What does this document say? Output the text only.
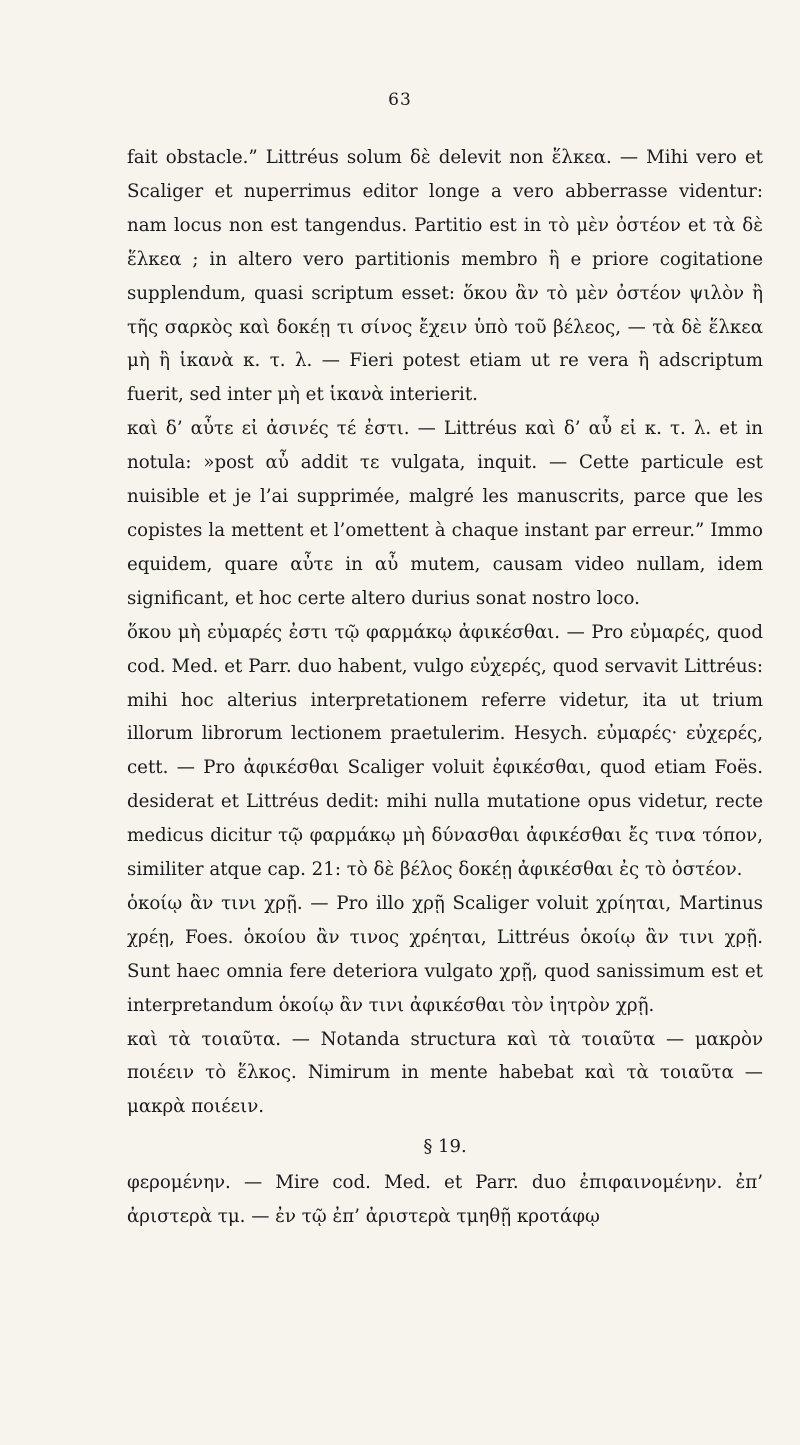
63

fait obstacle.” Littréus solum δὲ delevit non ἕλκεα. — Mihi vero et Scaliger et nuperrimus editor longe a vero abberrasse videntur: nam locus non est tangendus. Partitio est in τὸ μὲν ὀστέον et τὰ δὲ ἕλκεα ; in altero vero partitionis membro ἢ e priore cogitatione supplendum, quasi scriptum esset: ὅκου ἂν τὸ μὲν ὀστέον ψιλὸν ἢ τῆς σαρκὸς καὶ δοκέῃ τι σίνος ἔχειν ὑπὸ τοῦ βέλεος, — τὰ δὲ ἕλκεα μὴ ἢ ἱκανὰ κ. τ. λ. — Fieri potest etiam ut re vera ἢ adscriptum fuerit, sed inter μὴ et ἱκανὰ interierit.

καὶ δ’ αὖτε εἰ ἀσινές τέ ἐστι. — Littréus καὶ δ’ αὖ εἰ κ. τ. λ. et in notula: »post αὖ addit τε vulgata, inquit. — Cette particule est nuisible et je l’ai supprimée, malgré les manuscrits, parce que les copistes la mettent et l’omettent à chaque instant par erreur.” Immo equidem, quare αὖτε in αὖ mutem, causam video nullam, idem significant, et hoc certe altero durius sonat nostro loco.

ὅκου μὴ εὐμαρές ἐστι τῷ φαρμάκῳ ἀφικέσθαι. — Pro εὐμαρές, quod cod. Med. et Parr. duo habent, vulgo εὐχερές, quod servavit Littréus: mihi hoc alterius interpretationem referre videtur, ita ut trium illorum librorum lectionem praetulerim. Hesych. εὐμαρές· εὐχερές, cett. — Pro ἀφικέσθαι Scaliger voluit ἐφικέσθαι, quod etiam Foës. desiderat et Littréus dedit: mihi nulla mutatione opus videtur, recte medicus dicitur τῷ φαρμάκῳ μὴ δύνασθαι ἀφικέσθαι ἔς τινα τόπον, similiter atque cap. 21: τὸ δὲ βέλος δοκέῃ ἀφικέσθαι ἐς τὸ ὀστέον.

ὁκοίῳ ἂν τινι χρῇ. — Pro illo χρῇ Scaliger voluit χρίηται, Martinus χρέῃ, Foes. ὁκοίου ἂν τινος χρέηται, Littréus ὁκοίῳ ἂν τινι χρῇ. Sunt haec omnia fere deteriora vulgato χρῇ, quod sanissimum est et interpretandum ὁκοίῳ ἂν τινι ἀφικέσθαι τὸν ἰητρὸν χρῇ.

καὶ τὰ τοιαῦτα. — Notanda structura καὶ τὰ τοιαῦτα — μακρὸν ποιέειν τὸ ἕλκος. Nimirum in mente habebat καὶ τὰ τοιαῦτα — μακρὰ ποιέειν.

§ 19.

φερομένην. — Mire cod. Med. et Parr. duo ἐπιφαινομένην. ἐπ’ ἀριστερὰ τμ. — ἐν τῷ ἐπ’ ἀριστερὰ τμηθῇ κροτάφῳ
